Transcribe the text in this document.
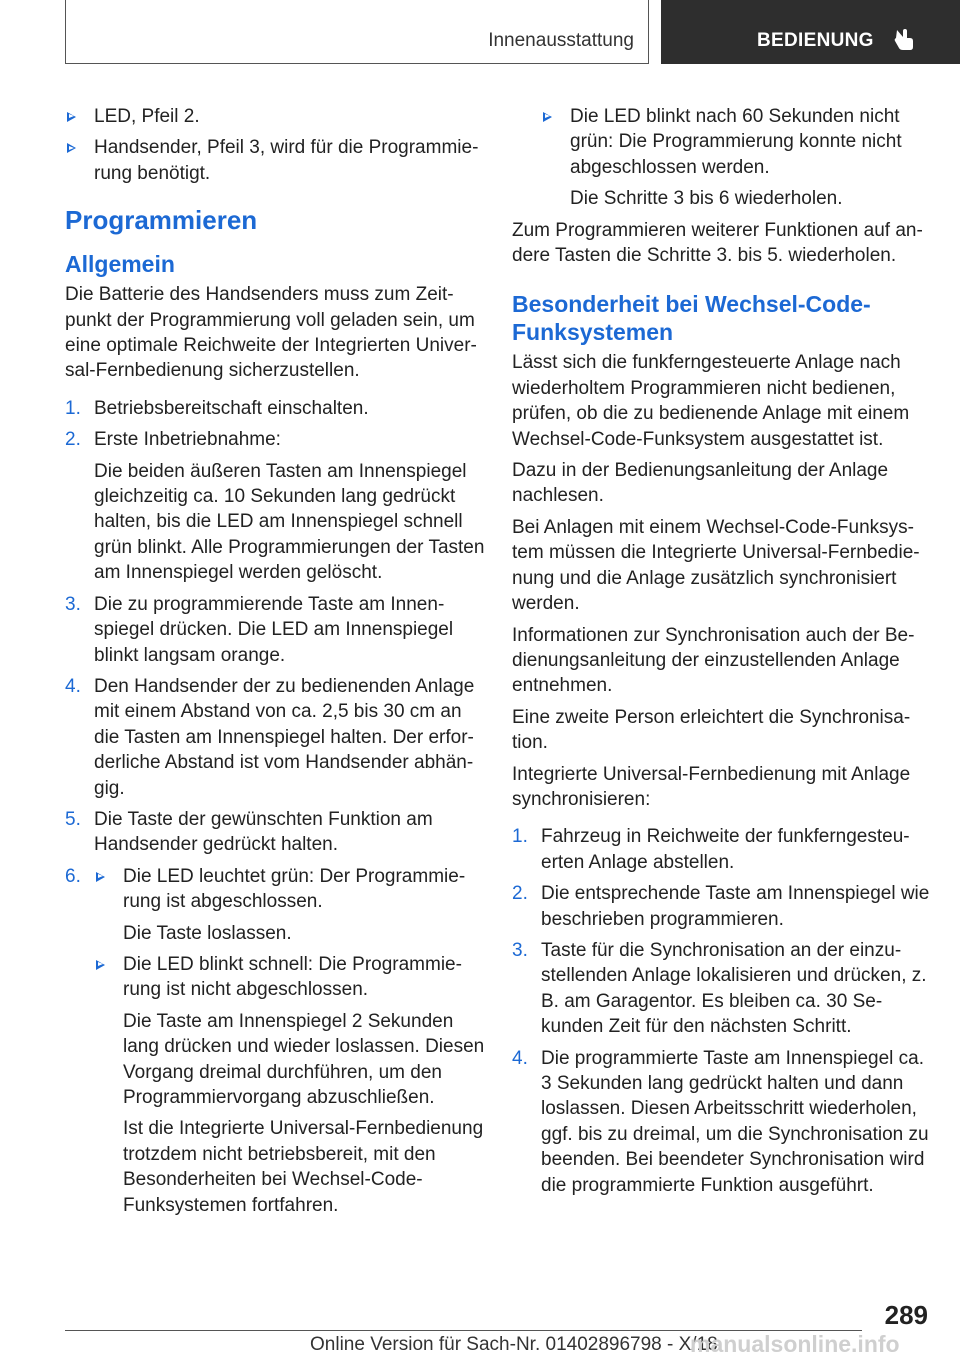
Innenausstattung	BEDIENUNG
LED, Pfeil 2.
Handsender, Pfeil 3, wird für die Programmierung benötigt.
Programmieren
Allgemein

Die Batterie des Handsenders muss zum Zeitpunkt der Programmierung voll geladen sein, um eine optimale Reichweite der Integrierten Universal-Fernbedienung sicherzustellen.

1. Betriebsbereitschaft einschalten.
2. Erste Inbetriebnahme:
Die beiden äußeren Tasten am Innenspiegel gleichzeitig ca. 10 Sekunden lang gedrückt halten, bis die LED am Innenspiegel schnell grün blinkt. Alle Programmierungen der Tasten am Innenspiegel werden gelöscht.
3. Die zu programmierende Taste am Innenspiegel drücken. Die LED am Innenspiegel blinkt langsam orange.
4. Den Handsender der zu bedienenden Anlage mit einem Abstand von ca. 2,5 bis 30 cm an die Tasten am Innenspiegel halten. Der erforderliche Abstand ist vom Handsender abhängig.
5. Die Taste der gewünschten Funktion am Handsender gedrückt halten.
6. Die LED leuchtet grün: Der Programmierung ist abgeschlossen.
Die Taste loslassen.
Die LED blinkt schnell: Die Programmierung ist nicht abgeschlossen.
Die Taste am Innenspiegel 2 Sekunden lang drücken und wieder loslassen. Diesen Vorgang dreimal durchführen, um den Programmiervorgang abzuschließen.
Ist die Integrierte Universal-Fernbedienung trotzdem nicht betriebsbereit, mit den Besonderheiten bei Wechsel-Code-Funksystemen fortfahren.
Die LED blinkt nach 60 Sekunden nicht grün: Die Programmierung konnte nicht abgeschlossen werden.
Die Schritte 3 bis 6 wiederholen.

Zum Programmieren weiterer Funktionen auf andere Tasten die Schritte 3. bis 5. wiederholen.

Besonderheit bei Wechsel-Code-Funksystemen

Lässt sich die funkferngesteuerte Anlage nach wiederholtem Programmieren nicht bedienen, prüfen, ob die zu bedienende Anlage mit einem Wechsel-Code-Funksystem ausgestattet ist.

Dazu in der Bedienungsanleitung der Anlage nachlesen.

Bei Anlagen mit einem Wechsel-Code-Funksystem müssen die Integrierte Universal-Fernbedienung und die Anlage zusätzlich synchronisiert werden.

Informationen zur Synchronisation auch der Bedienungsanleitung der einzustellenden Anlage entnehmen.

Eine zweite Person erleichtert die Synchronisation.

Integrierte Universal-Fernbedienung mit Anlage synchronisieren:

1. Fahrzeug in Reichweite der funkferngesteuerten Anlage abstellen.
2. Die entsprechende Taste am Innenspiegel wie beschrieben programmieren.
3. Taste für die Synchronisation an der einzustellenden Anlage lokalisieren und drücken, z. B. am Garagentor. Es bleiben ca. 30 Sekunden Zeit für den nächsten Schritt.
4. Die programmierte Taste am Innenspiegel ca. 3 Sekunden lang gedrückt halten und dann loslassen. Diesen Arbeitsschritt wiederholen, ggf. bis zu dreimal, um die Synchronisation zu beenden. Bei beendeter Synchronisation wird die programmierte Funktion ausgeführt.
289
Online Version für Sach-Nr. 01402896798 - X/18
manualsonline.info
